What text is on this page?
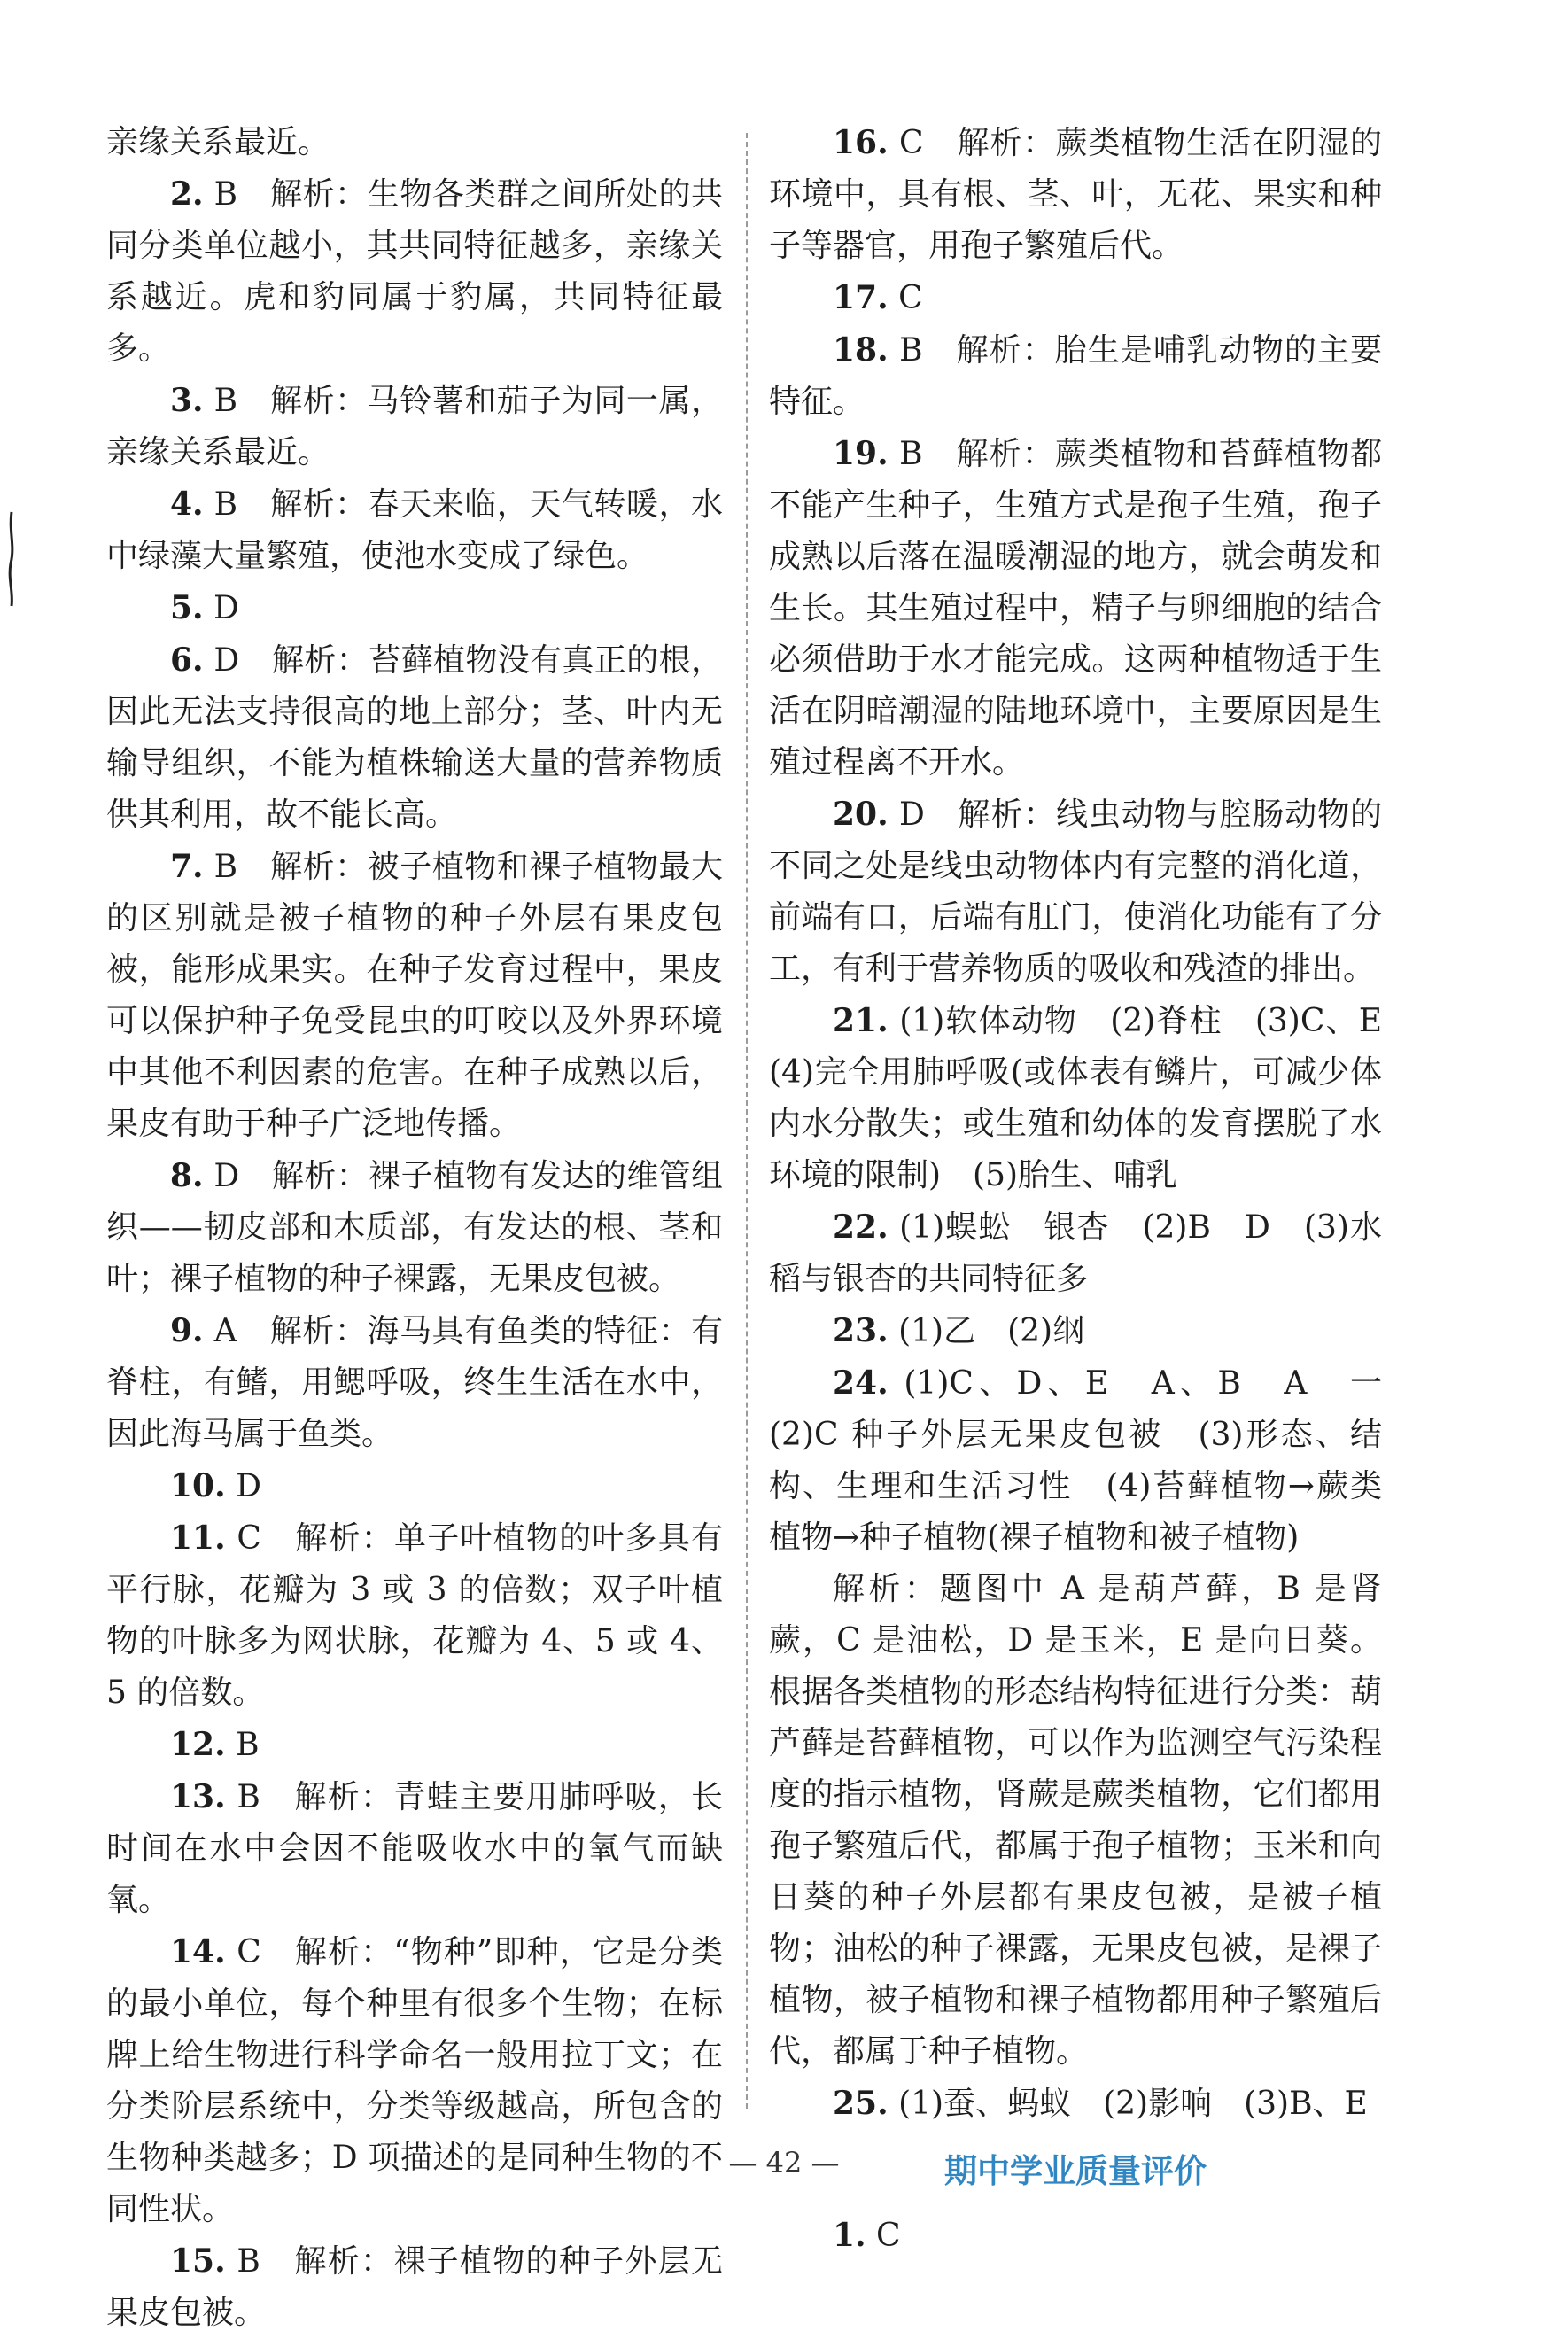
亲缘关系最近。

2. B　解析：生物各类群之间所处的共同分类单位越小，其共同特征越多，亲缘关系越近。虎和豹同属于豹属，共同特征最多。

3. B　解析：马铃薯和茄子为同一属，亲缘关系最近。

4. B　解析：春天来临，天气转暖，水中绿藻大量繁殖，使池水变成了绿色。

5. D

6. D　解析：苔藓植物没有真正的根，因此无法支持很高的地上部分；茎、叶内无输导组织，不能为植株输送大量的营养物质供其利用，故不能长高。

7. B　解析：被子植物和裸子植物最大的区别就是被子植物的种子外层有果皮包被，能形成果实。在种子发育过程中，果皮可以保护种子免受昆虫的叮咬以及外界环境中其他不利因素的危害。在种子成熟以后，果皮有助于种子广泛地传播。

8. D　解析：裸子植物有发达的维管组织——韧皮部和木质部，有发达的根、茎和叶；裸子植物的种子裸露，无果皮包被。

9. A　解析：海马具有鱼类的特征：有脊柱，有鳍，用鳃呼吸，终生生活在水中，因此海马属于鱼类。

10. D

11. C　解析：单子叶植物的叶多具有平行脉，花瓣为 3 或 3 的倍数；双子叶植物的叶脉多为网状脉，花瓣为 4、5 或 4、5 的倍数。

12. B

13. B　解析：青蛙主要用肺呼吸，长时间在水中会因不能吸收水中的氧气而缺氧。

14. C　解析：“物种”即种，它是分类的最小单位，每个种里有很多个生物；在标牌上给生物进行科学命名一般用拉丁文；在分类阶层系统中，分类等级越高，所包含的生物种类越多；D 项描述的是同种生物的不同性状。

15. B　解析：裸子植物的种子外层无果皮包被。

16. C　解析：蕨类植物生活在阴湿的环境中，具有根、茎、叶，无花、果实和种子等器官，用孢子繁殖后代。

17. C

18. B　解析：胎生是哺乳动物的主要特征。

19. B　解析：蕨类植物和苔藓植物都不能产生种子，生殖方式是孢子生殖，孢子成熟以后落在温暖潮湿的地方，就会萌发和生长。其生殖过程中，精子与卵细胞的结合必须借助于水才能完成。这两种植物适于生活在阴暗潮湿的陆地环境中，主要原因是生殖过程离不开水。

20. D　解析：线虫动物与腔肠动物的不同之处是线虫动物体内有完整的消化道，前端有口，后端有肛门，使消化功能有了分工，有利于营养物质的吸收和残渣的排出。

21. (1)软体动物　(2)脊柱　(3)C、E　(4)完全用肺呼吸(或体表有鳞片，可减少体内水分散失；或生殖和幼体的发育摆脱了水环境的限制)　(5)胎生、哺乳

22. (1)蜈蚣　银杏　(2)B　D　(3)水稻与银杏的共同特征多

23. (1)乙　(2)纲

24. (1)C、D、E　A、B　A　一　(2)C 种子外层无果皮包被　(3)形态、结构、生理和生活习性　(4)苔藓植物→蕨类植物→种子植物(裸子植物和被子植物)

解析：题图中 A 是葫芦藓，B 是肾蕨，C 是油松，D 是玉米，E 是向日葵。根据各类植物的形态结构特征进行分类：葫芦藓是苔藓植物，可以作为监测空气污染程度的指示植物，肾蕨是蕨类植物，它们都用孢子繁殖后代，都属于孢子植物；玉米和向日葵的种子外层都有果皮包被，是被子植物；油松的种子裸露，无果皮包被，是裸子植物，被子植物和裸子植物都用种子繁殖后代，都属于种子植物。

25. (1)蚕、蚂蚁　(2)影响　(3)B、E

期中学业质量评价

1. C

— 42 —
